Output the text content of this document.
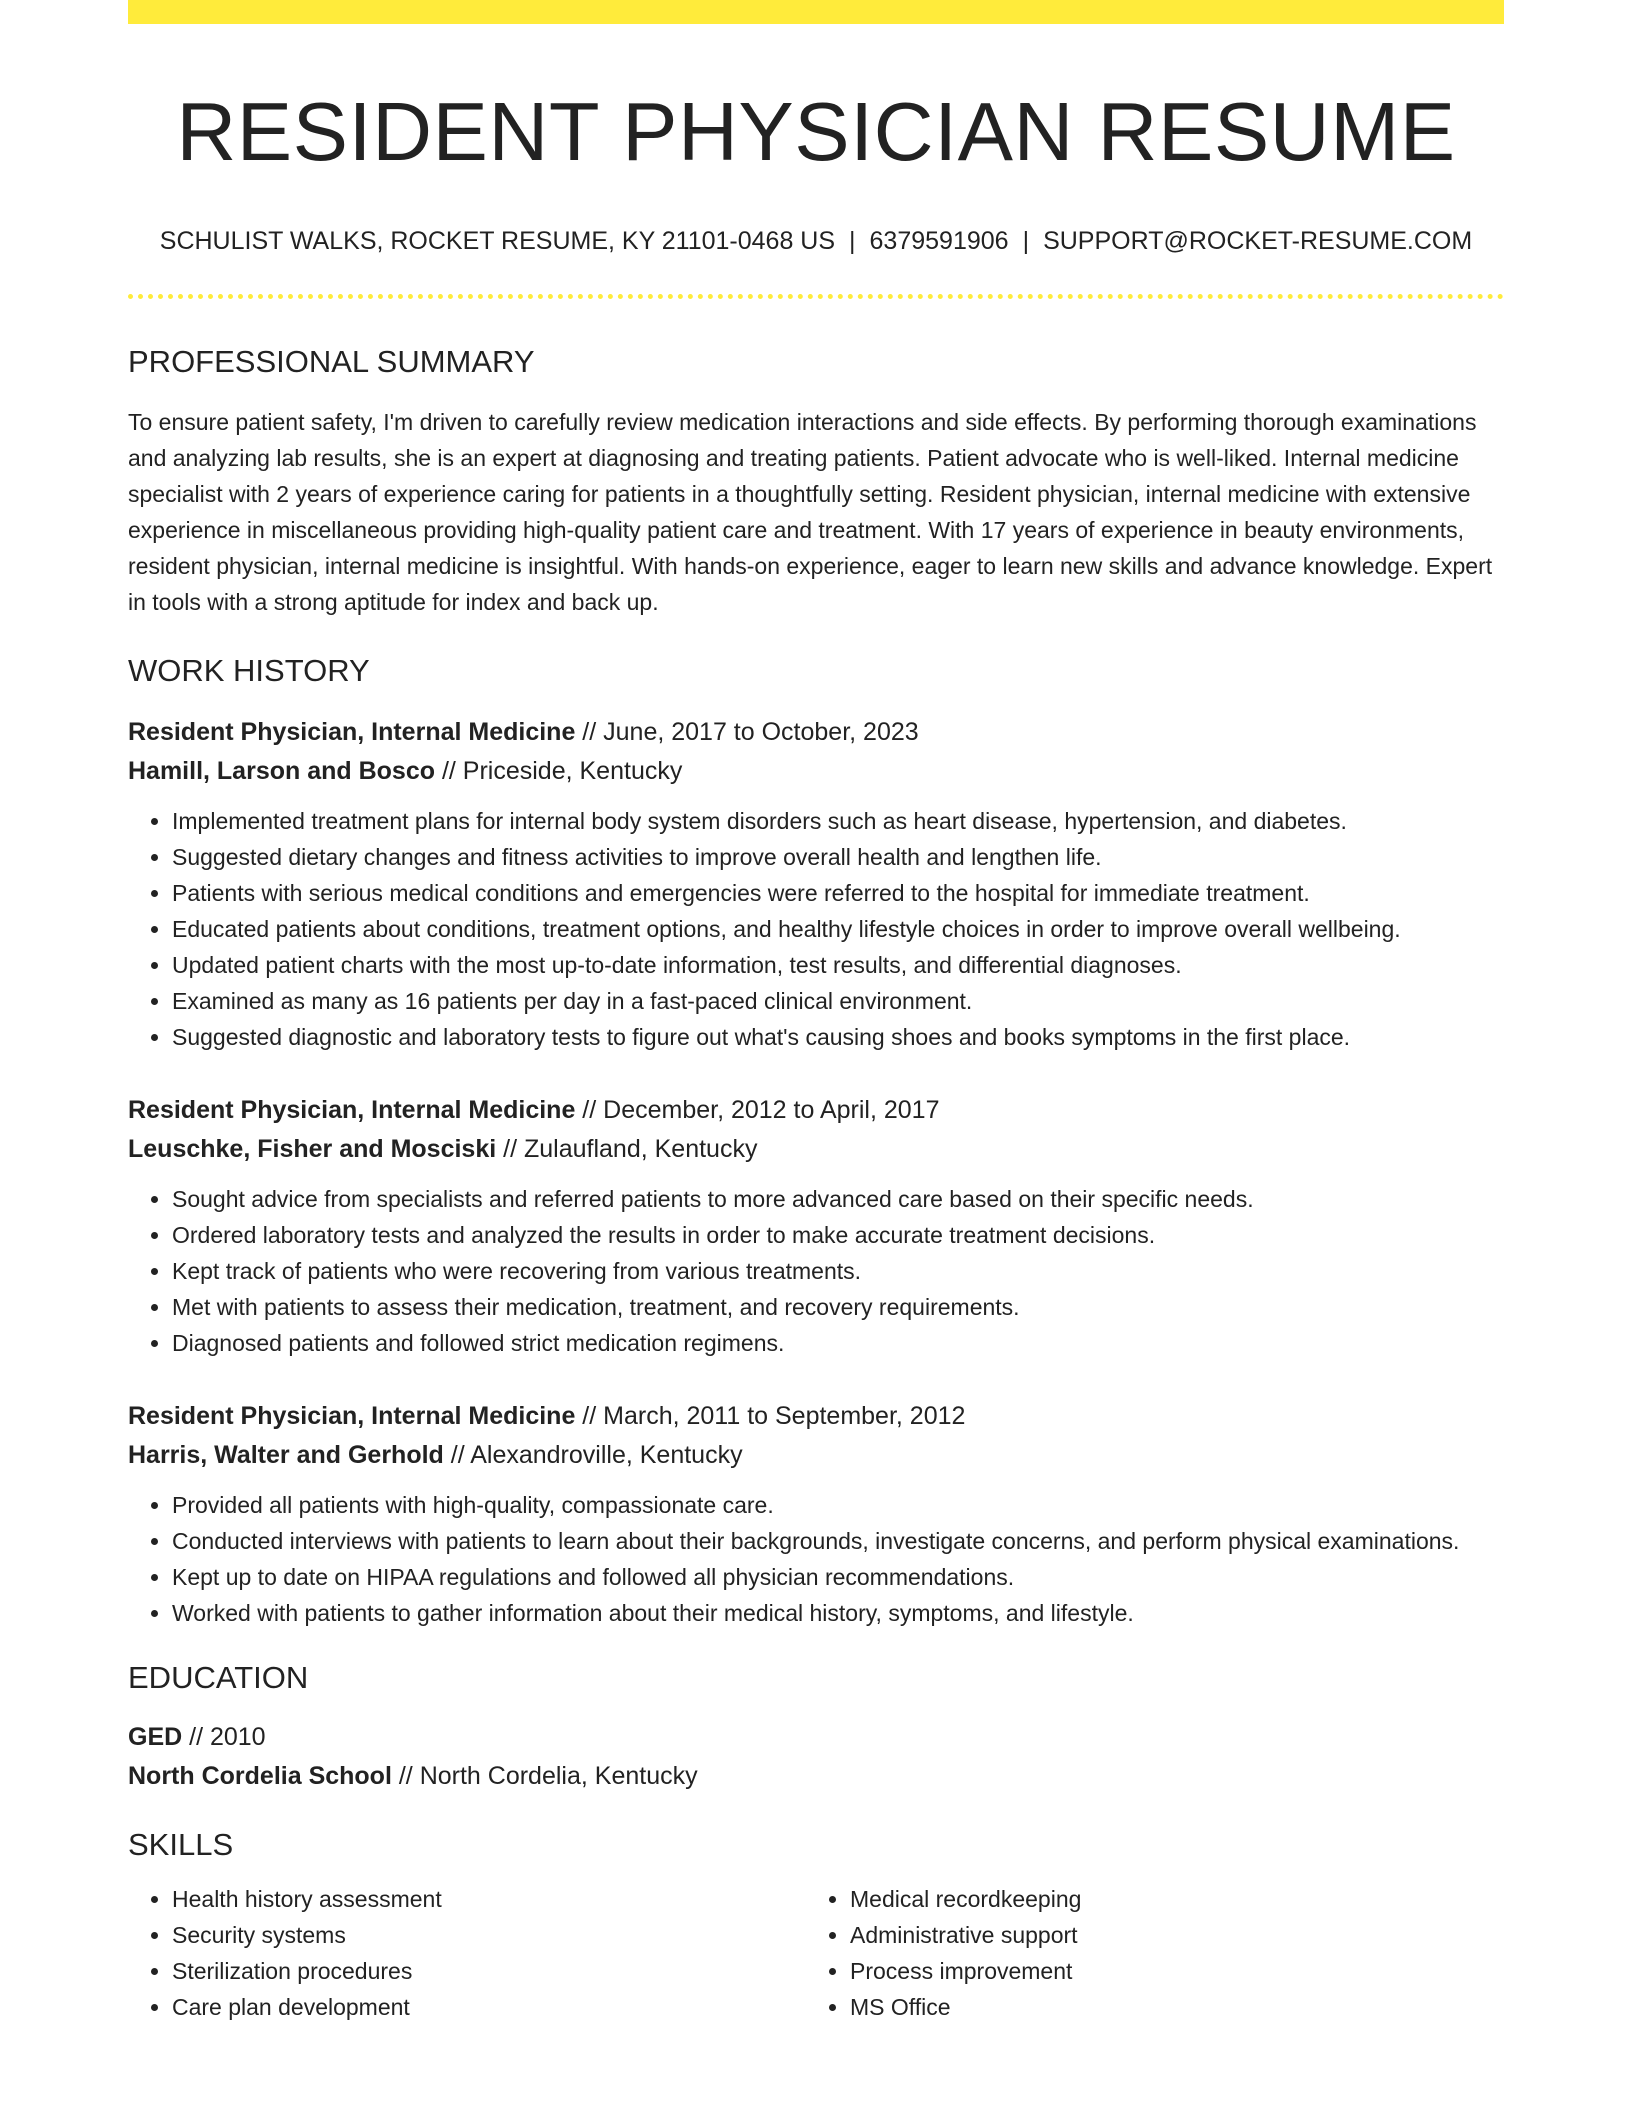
RESIDENT PHYSICIAN RESUME
SCHULIST WALKS, ROCKET RESUME, KY 21101-0468 US | 6379591906 | SUPPORT@ROCKET-RESUME.COM
PROFESSIONAL SUMMARY

To ensure patient safety, I'm driven to carefully review medication interactions and side effects. By performing thorough examinations and analyzing lab results, she is an expert at diagnosing and treating patients. Patient advocate who is well-liked. Internal medicine specialist with 2 years of experience caring for patients in a thoughtfully setting. Resident physician, internal medicine with extensive experience in miscellaneous providing high-quality patient care and treatment. With 17 years of experience in beauty environments, resident physician, internal medicine is insightful. With hands-on experience, eager to learn new skills and advance knowledge. Expert in tools with a strong aptitude for index and back up.

WORK HISTORY
Resident Physician, Internal Medicine // June, 2017 to October, 2023
Hamill, Larson and Bosco // Priceside, Kentucky
• Implemented treatment plans for internal body system disorders such as heart disease, hypertension, and diabetes.
• Suggested dietary changes and fitness activities to improve overall health and lengthen life.
• Patients with serious medical conditions and emergencies were referred to the hospital for immediate treatment.
• Educated patients about conditions, treatment options, and healthy lifestyle choices in order to improve overall wellbeing.
• Updated patient charts with the most up-to-date information, test results, and differential diagnoses.
• Examined as many as 16 patients per day in a fast-paced clinical environment.
• Suggested diagnostic and laboratory tests to figure out what's causing shoes and books symptoms in the first place.
Resident Physician, Internal Medicine // December, 2012 to April, 2017
Leuschke, Fisher and Mosciski // Zulaufland, Kentucky
• Sought advice from specialists and referred patients to more advanced care based on their specific needs.
• Ordered laboratory tests and analyzed the results in order to make accurate treatment decisions.
• Kept track of patients who were recovering from various treatments.
• Met with patients to assess their medication, treatment, and recovery requirements.
• Diagnosed patients and followed strict medication regimens.
Resident Physician, Internal Medicine // March, 2011 to September, 2012
Harris, Walter and Gerhold // Alexandroville, Kentucky
• Provided all patients with high-quality, compassionate care.
• Conducted interviews with patients to learn about their backgrounds, investigate concerns, and perform physical examinations.
• Kept up to date on HIPAA regulations and followed all physician recommendations.
• Worked with patients to gather information about their medical history, symptoms, and lifestyle.
EDUCATION
GED // 2010
North Cordelia School // North Cordelia, Kentucky
SKILLS
• Health history assessment
• Security systems
• Sterilization procedures
• Care plan development
• Medical recordkeeping
• Administrative support
• Process improvement
• MS Office
